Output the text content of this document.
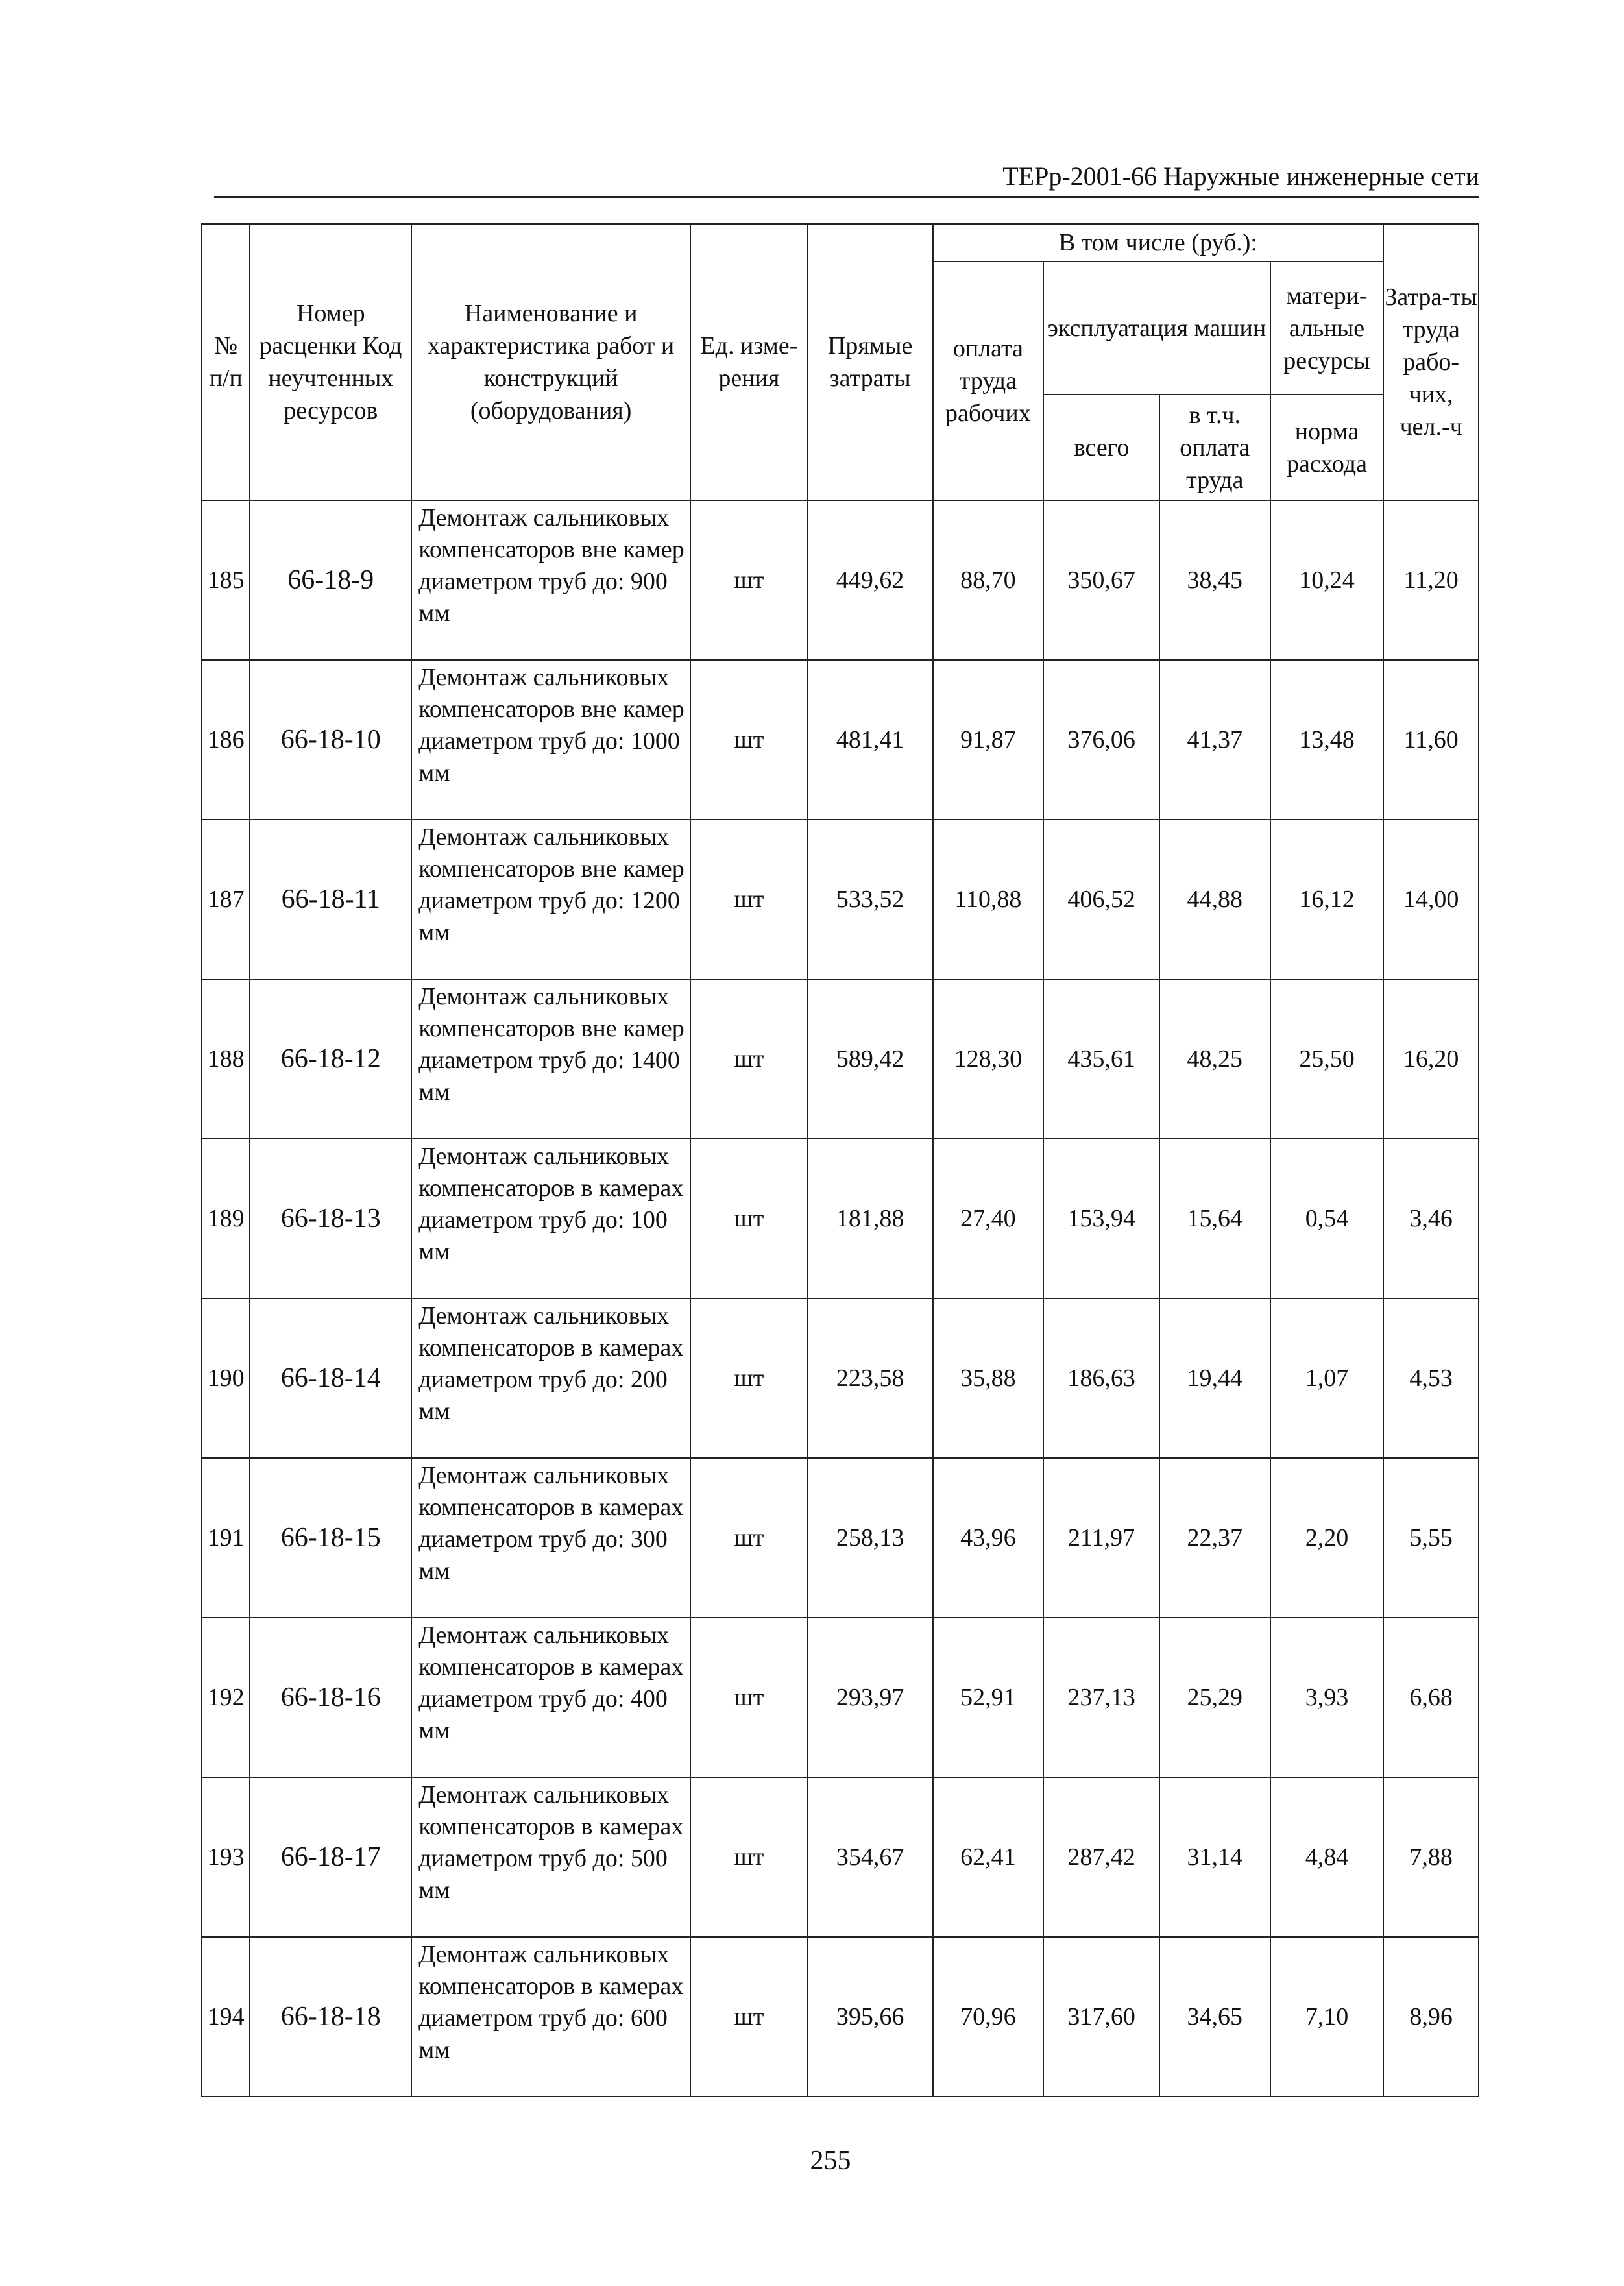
ТЕРр-2001-66 Наружные инженерные сети
№ п/п	Номер расценки Код неучтенных ресурсов	Наименование и характеристика работ и конструкций (оборудования)	Ед. изме-рения	Прямые затраты	В том числе (руб.):				Затра-ты труда рабо-чих, чел.-ч
					оплата труда рабочих	эксплуатация машин		матери-альные ресурсы	
						всего	в т.ч. оплата труда	норма расхода	
185	66-18-9	Демонтаж сальниковых компенсаторов вне камер диаметром труб до: 900 мм	шт	449,62	88,70	350,67	38,45	10,24	11,20
186	66-18-10	Демонтаж сальниковых компенсаторов вне камер диаметром труб до: 1000 мм	шт	481,41	91,87	376,06	41,37	13,48	11,60
187	66-18-11	Демонтаж сальниковых компенсаторов вне камер диаметром труб до: 1200 мм	шт	533,52	110,88	406,52	44,88	16,12	14,00
188	66-18-12	Демонтаж сальниковых компенсаторов вне камер диаметром труб до: 1400 мм	шт	589,42	128,30	435,61	48,25	25,50	16,20
189	66-18-13	Демонтаж сальниковых компенсаторов в камерах диаметром труб до: 100 мм	шт	181,88	27,40	153,94	15,64	0,54	3,46
190	66-18-14	Демонтаж сальниковых компенсаторов в камерах диаметром труб до: 200 мм	шт	223,58	35,88	186,63	19,44	1,07	4,53
191	66-18-15	Демонтаж сальниковых компенсаторов в камерах диаметром труб до: 300 мм	шт	258,13	43,96	211,97	22,37	2,20	5,55
192	66-18-16	Демонтаж сальниковых компенсаторов в камерах диаметром труб до: 400 мм	шт	293,97	52,91	237,13	25,29	3,93	6,68
193	66-18-17	Демонтаж сальниковых компенсаторов в камерах диаметром труб до: 500 мм	шт	354,67	62,41	287,42	31,14	4,84	7,88
194	66-18-18	Демонтаж сальниковых компенсаторов в камерах диаметром труб до: 600 мм	шт	395,66	70,96	317,60	34,65	7,10	8,96
255
